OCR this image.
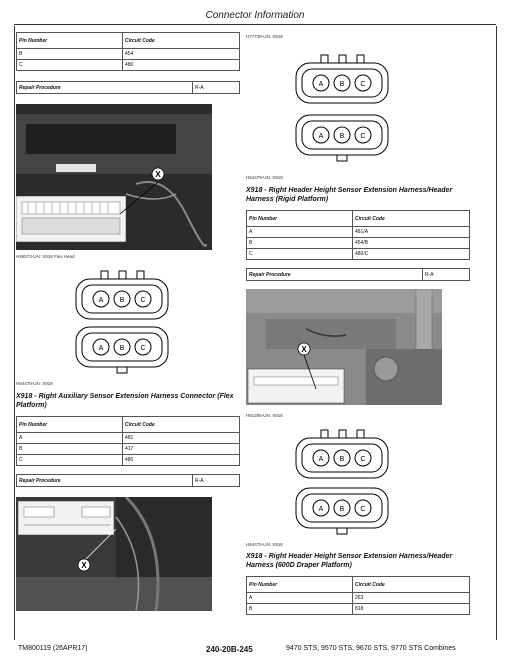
Connector Information
Pin Number	Circuit Code
B	454
C	480
Repair Procedure	R-A
X
H95573-UN: X918 Flex Head
A B C
A B C
H54479-UN: X918
X918 - Right Auxiliary Sensor Extension Harness Connector (Flex Platform)
Pin Number	Circuit Code
A	481
B	417
C	480
Repair Procedure	R-A
X
H77739-UN: X918
A B C
A B C
H54479-UN: X918
X918 - Right Header Height Sensor Extension Harness/Header Harness (Rigid Platform)
Pin Number	Circuit Code
A	481/A
B	454/B
C	480/C
Repair Procedure	R-A
X
H91295-UN: X918
A B C
A B C
H54475-UN: X918
X918 - Right Header Height Sensor Extension Harness/Header Harness (600D Draper Platform)
Pin Number	Circuit Code
A	263
B	818
TM800119 (26APR17)	240-20B-245	9470 STS, 9570 STS, 9670 STS, 9770 STS Combines
